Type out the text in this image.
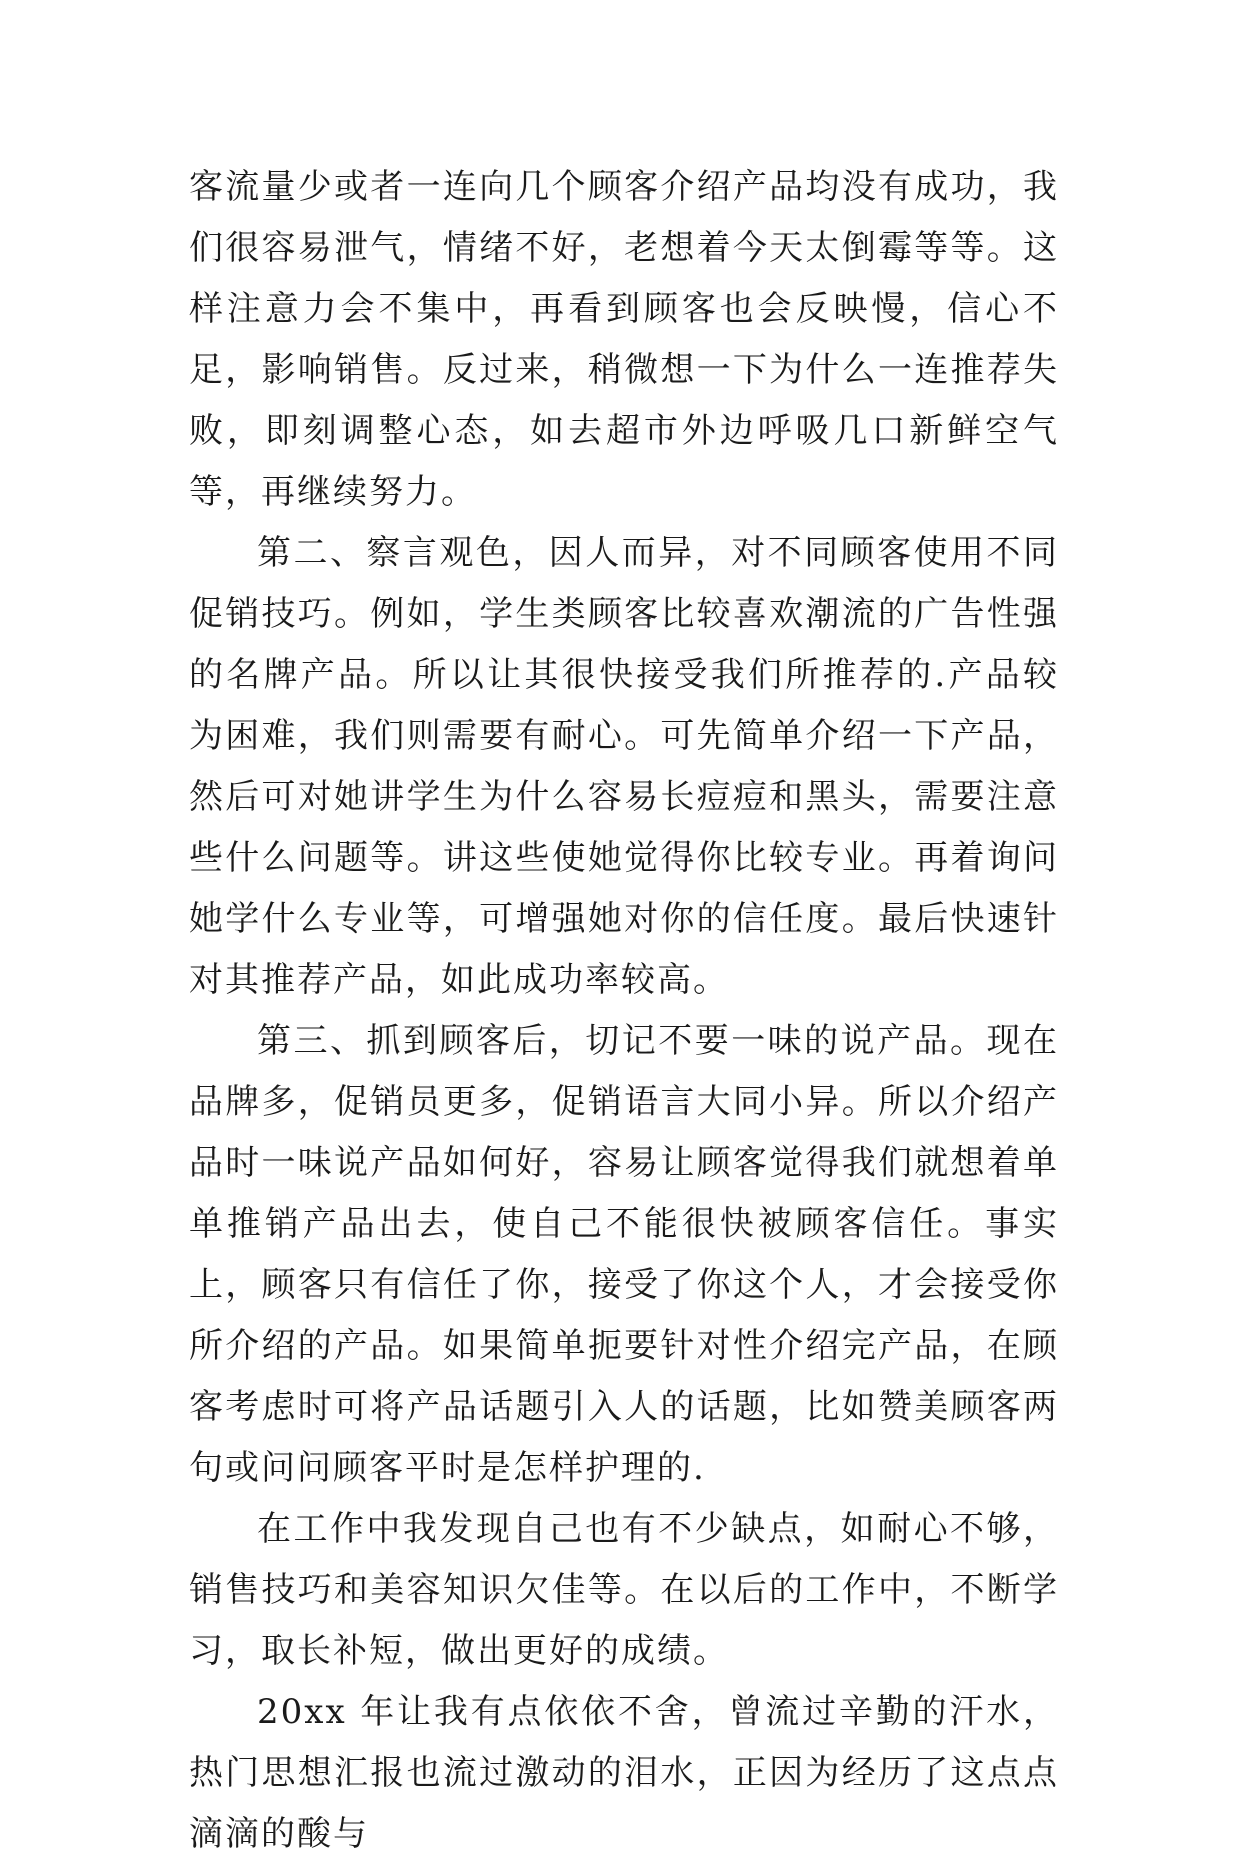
客流量少或者一连向几个顾客介绍产品均没有成功，我们很容易泄气，情绪不好，老想着今天太倒霉等等。这样注意力会不集中，再看到顾客也会反映慢，信心不足，影响销售。反过来，稍微想一下为什么一连推荐失败，即刻调整心态，如去超市外边呼吸几口新鲜空气等，再继续努力。

第二、察言观色，因人而异，对不同顾客使用不同促销技巧。例如，学生类顾客比较喜欢潮流的广告性强的名牌产品。所以让其很快接受我们所推荐的.产品较为困难，我们则需要有耐心。可先简单介绍一下产品，然后可对她讲学生为什么容易长痘痘和黑头，需要注意些什么问题等。讲这些使她觉得你比较专业。再着询问她学什么专业等，可增强她对你的信任度。最后快速针对其推荐产品，如此成功率较高。

第三、抓到顾客后，切记不要一味的说产品。现在品牌多，促销员更多，促销语言大同小异。所以介绍产品时一味说产品如何好，容易让顾客觉得我们就想着单单推销产品出去，使自己不能很快被顾客信任。事实上，顾客只有信任了你，接受了你这个人，才会接受你所介绍的产品。如果简单扼要针对性介绍完产品，在顾客考虑时可将产品话题引入人的话题，比如赞美顾客两句或问问顾客平时是怎样护理的.

在工作中我发现自己也有不少缺点，如耐心不够，销售技巧和美容知识欠佳等。在以后的工作中，不断学习，取长补短，做出更好的成绩。

20xx 年让我有点依依不舍，曾流过辛勤的汗水，热门思想汇报也流过激动的泪水，正因为经历了这点点滴滴的酸与
